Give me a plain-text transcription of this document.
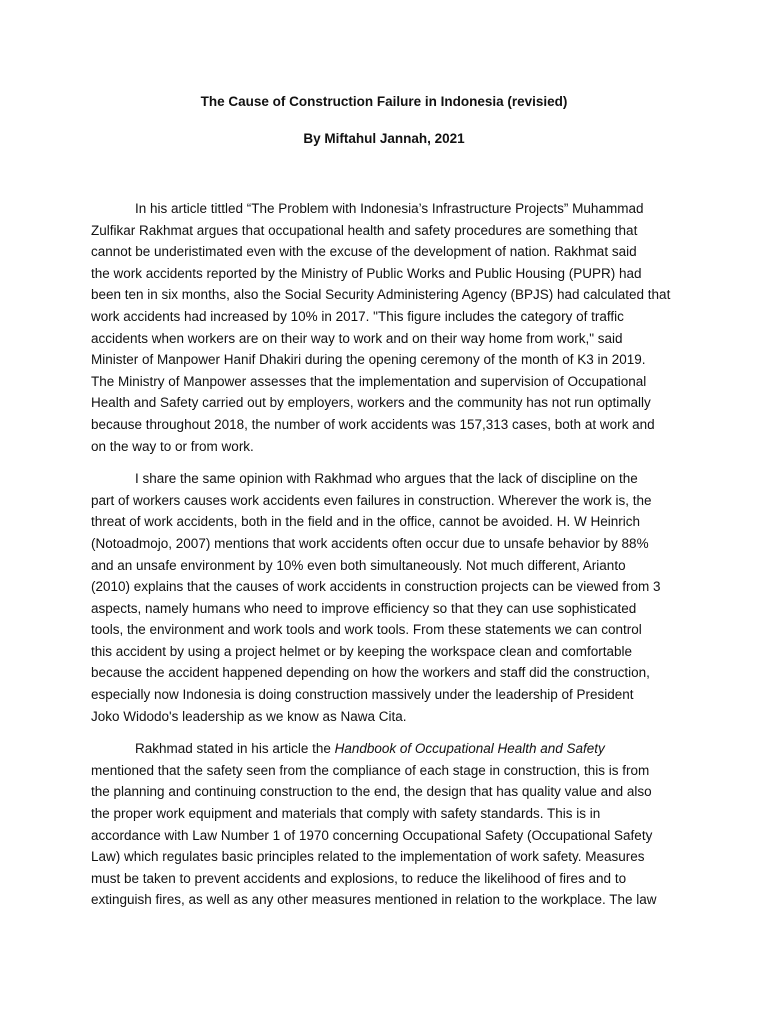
The Cause of Construction Failure in Indonesia (revisied)
By Miftahul Jannah, 2021
In his article tittled “The Problem with Indonesia’s Infrastructure Projects” Muhammad
Zulfikar Rakhmat argues that occupational health and safety procedures are something that
cannot be underistimated even with the excuse of the development of nation. Rakhmat said
the work accidents reported by the Ministry of Public Works and Public Housing (PUPR) had
been ten in six months, also the Social Security Administering Agency (BPJS) had calculated that
work accidents had increased by 10% in 2017. "This figure includes the category of traffic
accidents when workers are on their way to work and on their way home from work," said
Minister of Manpower Hanif Dhakiri during the opening ceremony of the month of K3 in 2019.
The Ministry of Manpower assesses that the implementation and supervision of Occupational
Health and Safety carried out by employers, workers and the community has not run optimally
because throughout 2018, the number of work accidents was 157,313 cases, both at work and
on the way to or from work.
I share the same opinion with Rakhmad who argues that the lack of discipline on the
part of workers causes work accidents even failures in construction. Wherever the work is, the
threat of work accidents, both in the field and in the office, cannot be avoided. H. W Heinrich
(Notoadmojo, 2007) mentions that work accidents often occur due to unsafe behavior by 88%
and an unsafe environment by 10% even both simultaneously. Not much different, Arianto
(2010) explains that the causes of work accidents in construction projects can be viewed from 3
aspects, namely humans who need to improve efficiency so that they can use sophisticated
tools, the environment and work tools and work tools. From these statements we can control
this accident by using a project helmet or by keeping the workspace clean and comfortable
because the accident happened depending on how the workers and staff did the construction,
especially now Indonesia is doing construction massively under the leadership of President
Joko Widodo's leadership as we know as Nawa Cita.
Rakhmad stated in his article the Handbook of Occupational Health and Safety
mentioned that the safety seen from the compliance of each stage in construction, this is from
the planning and continuing construction to the end, the design that has quality value and also
the proper work equipment and materials that comply with safety standards. This is in
accordance with Law Number 1 of 1970 concerning Occupational Safety (Occupational Safety
Law) which regulates basic principles related to the implementation of work safety. Measures
must be taken to prevent accidents and explosions, to reduce the likelihood of fires and to
extinguish fires, as well as any other measures mentioned in relation to the workplace. The law
